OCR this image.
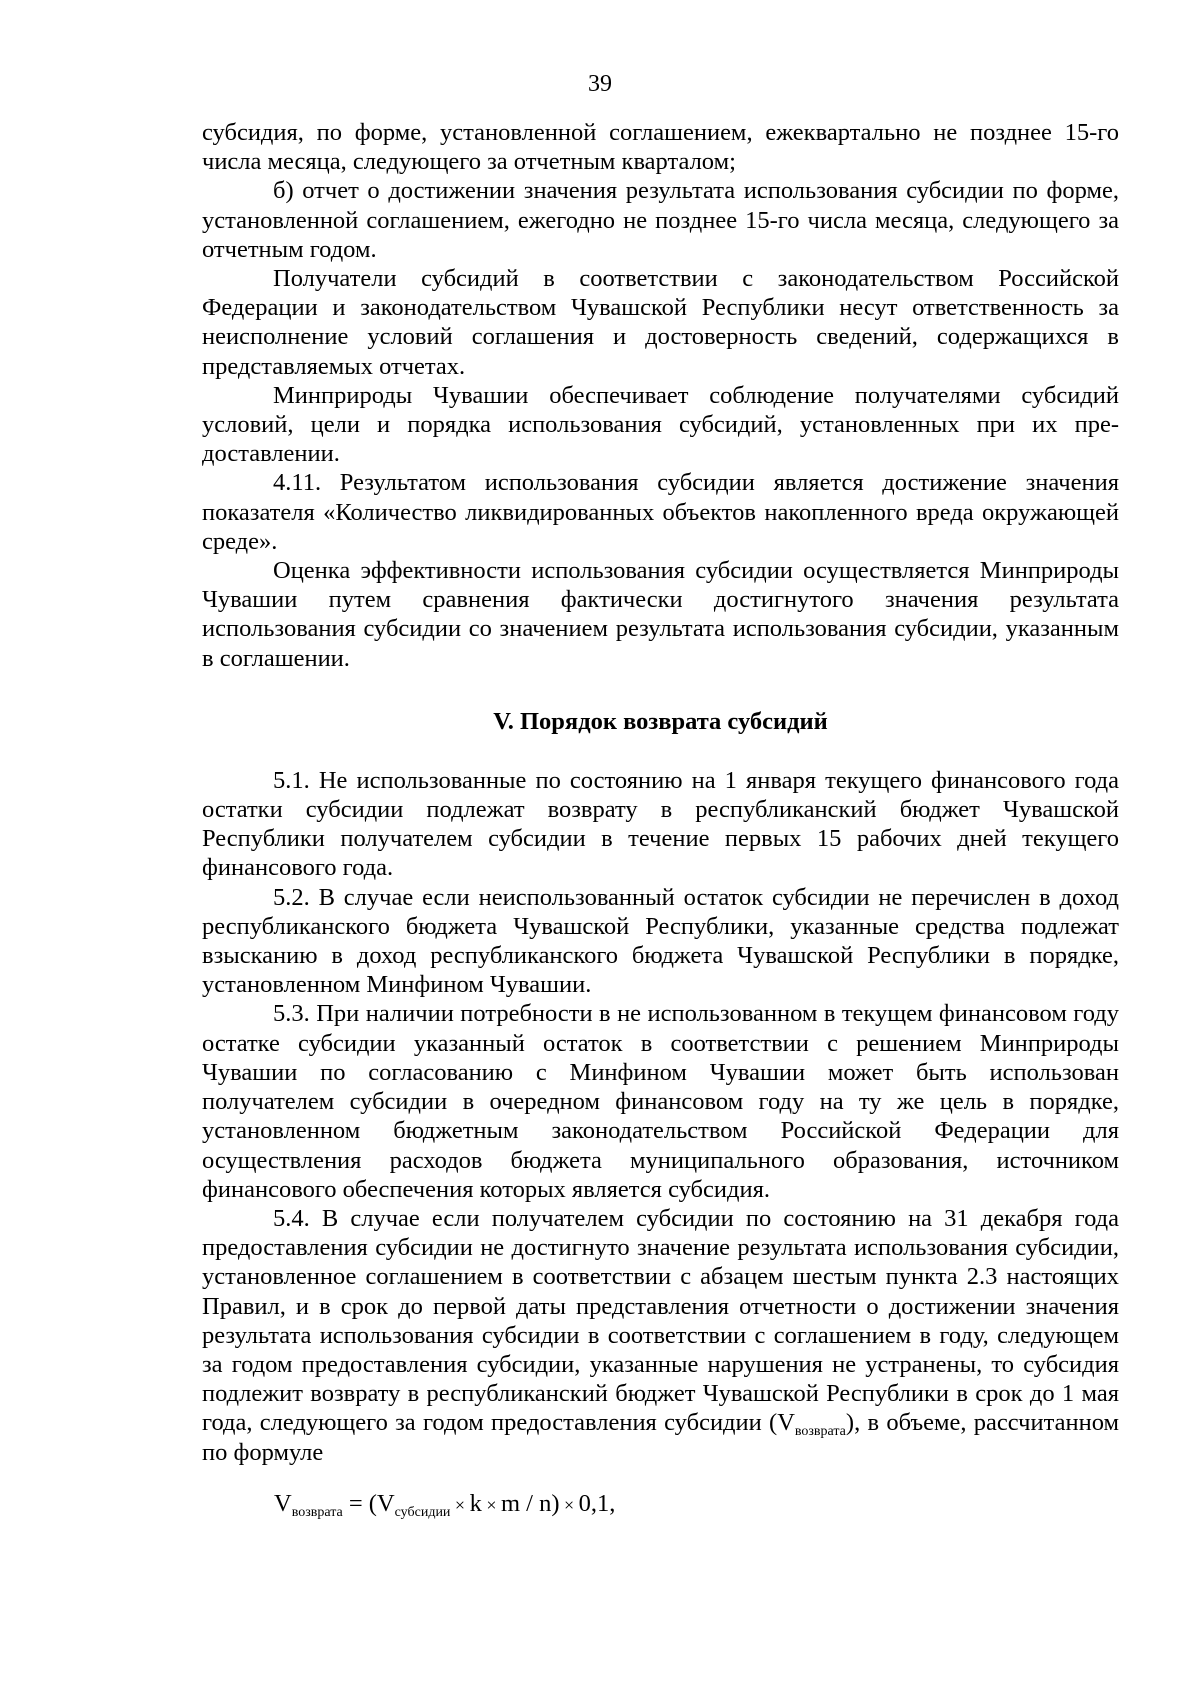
39

субсидия, по форме, установленной соглашением, ежеквартально не позднее 15-го числа месяца, следующего за отчетным кварталом;

б) отчет о достижении значения результата использования субсидии по форме, установленной соглашением, ежегодно не позднее 15-го числа месяца, следующего за отчетным годом.

Получатели субсидий в соответствии с законодательством Российской Федерации и законодательством Чувашской Республики несут ответственность за неисполнение условий соглашения и достоверность сведений, содержащихся в представляемых отчетах.

Минприроды Чувашии обеспечивает соблюдение получателями субсидий условий, цели и порядка использования субсидий, установленных при их предоставлении.

4.11. Результатом использования субсидии является достижение значения показателя «Количество ликвидированных объектов накопленного вреда окружающей среде».

Оценка эффективности использования субсидии осуществляется Минприроды Чувашии путем сравнения фактически достигнутого значения результата использования субсидии со значением результата использования субсидии, указанным в соглашении.

V. Порядок возврата субсидий

5.1. Не использованные по состоянию на 1 января текущего финансового года остатки субсидии подлежат возврату в республиканский бюджет Чувашской Республики получателем субсидии в течение первых 15 рабочих дней текущего финансового года.

5.2. В случае если неиспользованный остаток субсидии не перечислен в доход республиканского бюджета Чувашской Республики, указанные средства подлежат взысканию в доход республиканского бюджета Чувашской Республики в порядке, установленном Минфином Чувашии.

5.3. При наличии потребности в не использованном в текущем финансовом году остатке субсидии указанный остаток в соответствии с решением Минприроды Чувашии по согласованию с Минфином Чувашии может быть использован получателем субсидии в очередном финансовом году на ту же цель в порядке, установленном бюджетным законодательством Российской Федерации для осуществления расходов бюджета муниципального образования, источником финансового обеспечения которых является субсидия.

5.4. В случае если получателем субсидии по состоянию на 31 декабря года предоставления субсидии не достигнуто значение результата использования субсидии, установленное соглашением в соответствии с абзацем шестым пункта 2.3 настоящих Правил, и в срок до первой даты представления отчетности о достижении значения результата использования субсидии в соответствии с соглашением в году, следующем за годом предоставления субсидии, указанные нарушения не устранены, то субсидия подлежит возврату в республиканский бюджет Чувашской Республики в срок до 1 мая года, следующего за годом предоставления субсидии $(V_{возврата})$, в объеме, рассчитанном по формуле

$V_{возврата} = (V_{субсидии} \times k \times m / n) \times 0,1$,
